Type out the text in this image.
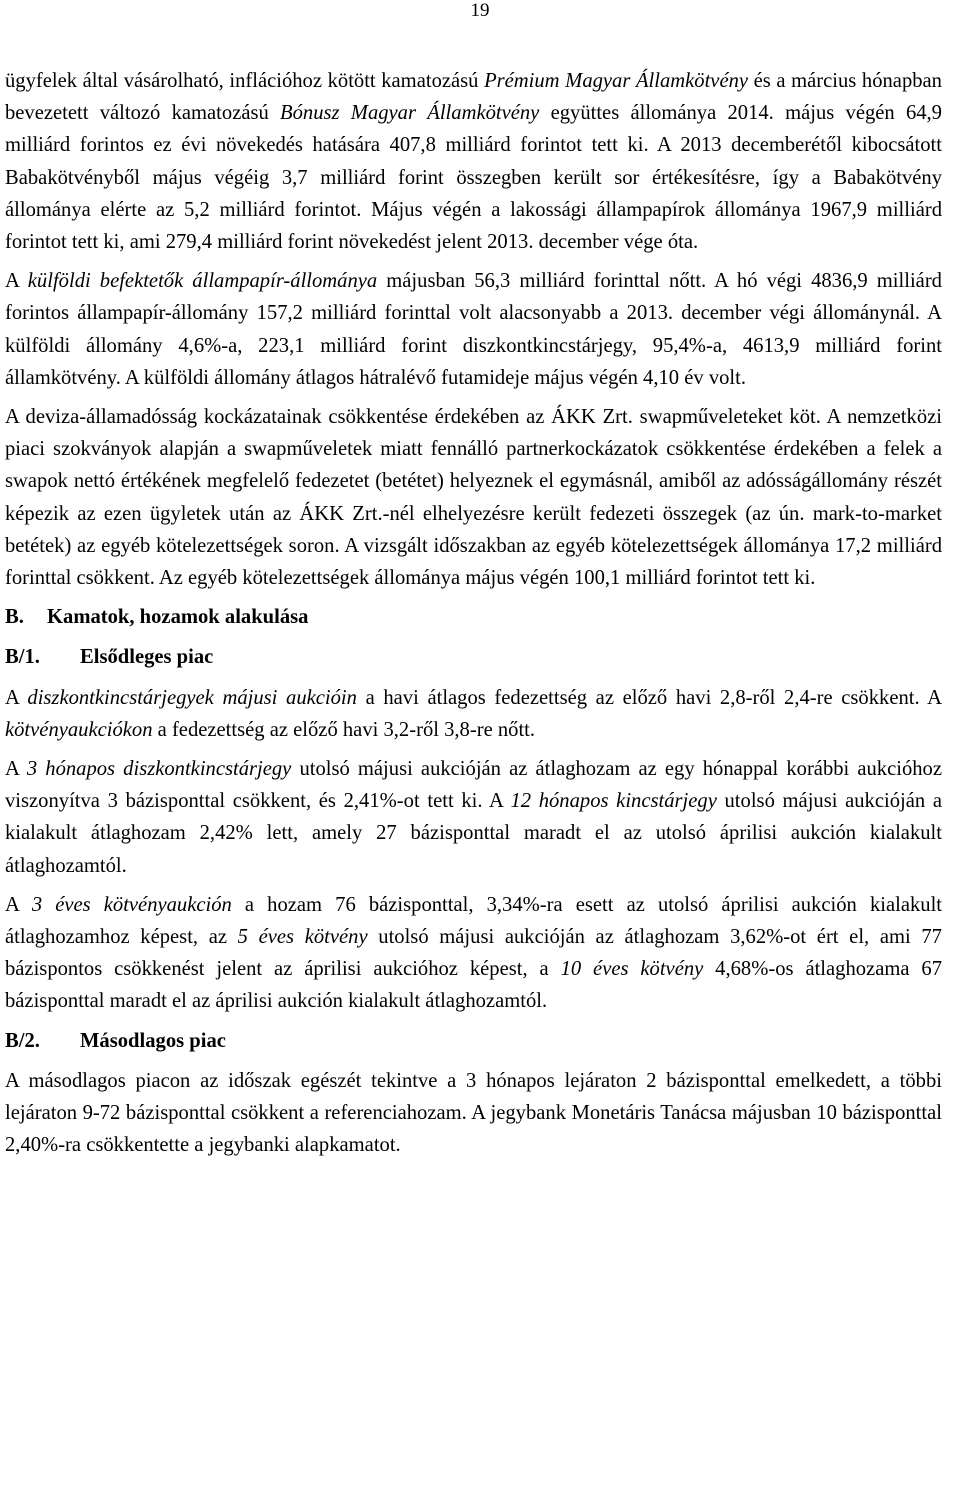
19

ügyfelek által vásárolható, inflációhoz kötött kamatozású Prémium Magyar Államkötvény és a március hónapban bevezetett változó kamatozású Bónusz Magyar Államkötvény együttes állománya 2014. május végén 64,9 milliárd forintos ez évi növekedés hatására 407,8 milliárd forintot tett ki. A 2013 decemberétől kibocsátott Babakötvényből május végéig 3,7 milliárd forint összegben került sor értékesítésre, így a Babakötvény állománya elérte az 5,2 milliárd forintot. Május végén a lakossági állampapírok állománya 1967,9 milliárd forintot tett ki, ami 279,4 milliárd forint növekedést jelent 2013. december vége óta.

A külföldi befektetők állampapír-állománya májusban 56,3 milliárd forinttal nőtt. A hó végi 4836,9 milliárd forintos állampapír-állomány 157,2 milliárd forinttal volt alacsonyabb a 2013. december végi állománynál. A külföldi állomány 4,6%-a, 223,1 milliárd forint diszkontkincstárjegy, 95,4%-a, 4613,9 milliárd forint államkötvény. A külföldi állomány átlagos hátralévő futamideje május végén 4,10 év volt.

A deviza-államadósság kockázatainak csökkentése érdekében az ÁKK Zrt. swapműveleteket köt. A nemzetközi piaci szokványok alapján a swapműveletek miatt fennálló partnerkockázatok csökkentése érdekében a felek a swapok nettó értékének megfelelő fedezetet (betétet) helyeznek el egymásnál, amiből az adósságállomány részét képezik az ezen ügyletek után az ÁKK Zrt.-nél elhelyezésre került fedezeti összegek (az ún. mark-to-market betétek) az egyéb kötelezettségek soron. A vizsgált időszakban az egyéb kötelezettségek állománya 17,2 milliárd forinttal csökkent. Az egyéb kötelezettségek állománya május végén 100,1 milliárd forintot tett ki.

B. Kamatok, hozamok alakulása
B/1. Elsődleges piac

A diszkontkincstárjegyek májusi aukcióin a havi átlagos fedezettség az előző havi 2,8-ről 2,4-re csökkent. A kötvényaukciókon a fedezettség az előző havi 3,2-ről 3,8-re nőtt.

A 3 hónapos diszkontkincstárjegy utolsó májusi aukcióján az átlaghozam az egy hónappal korábbi aukcióhoz viszonyítva 3 bázisponttal csökkent, és 2,41%-ot tett ki. A 12 hónapos kincstárjegy utolsó májusi aukcióján a kialakult átlaghozam 2,42% lett, amely 27 bázisponttal maradt el az utolsó áprilisi aukción kialakult átlaghozamtól.

A 3 éves kötvényaukción a hozam 76 bázisponttal, 3,34%-ra esett az utolsó áprilisi aukción kialakult átlaghozamhoz képest, az 5 éves kötvény utolsó májusi aukcióján az átlaghozam 3,62%-ot ért el, ami 77 bázispontos csökkenést jelent az áprilisi aukcióhoz képest, a 10 éves kötvény 4,68%-os átlaghozama 67 bázisponttal maradt el az áprilisi aukción kialakult átlaghozamtól.

B/2. Másodlagos piac

A másodlagos piacon az időszak egészét tekintve a 3 hónapos lejáraton 2 bázisponttal emelkedett, a többi lejáraton 9-72 bázisponttal csökkent a referenciahozam. A jegybank Monetáris Tanácsa májusban 10 bázisponttal 2,40%-ra csökkentette a jegybanki alapkamatot.
